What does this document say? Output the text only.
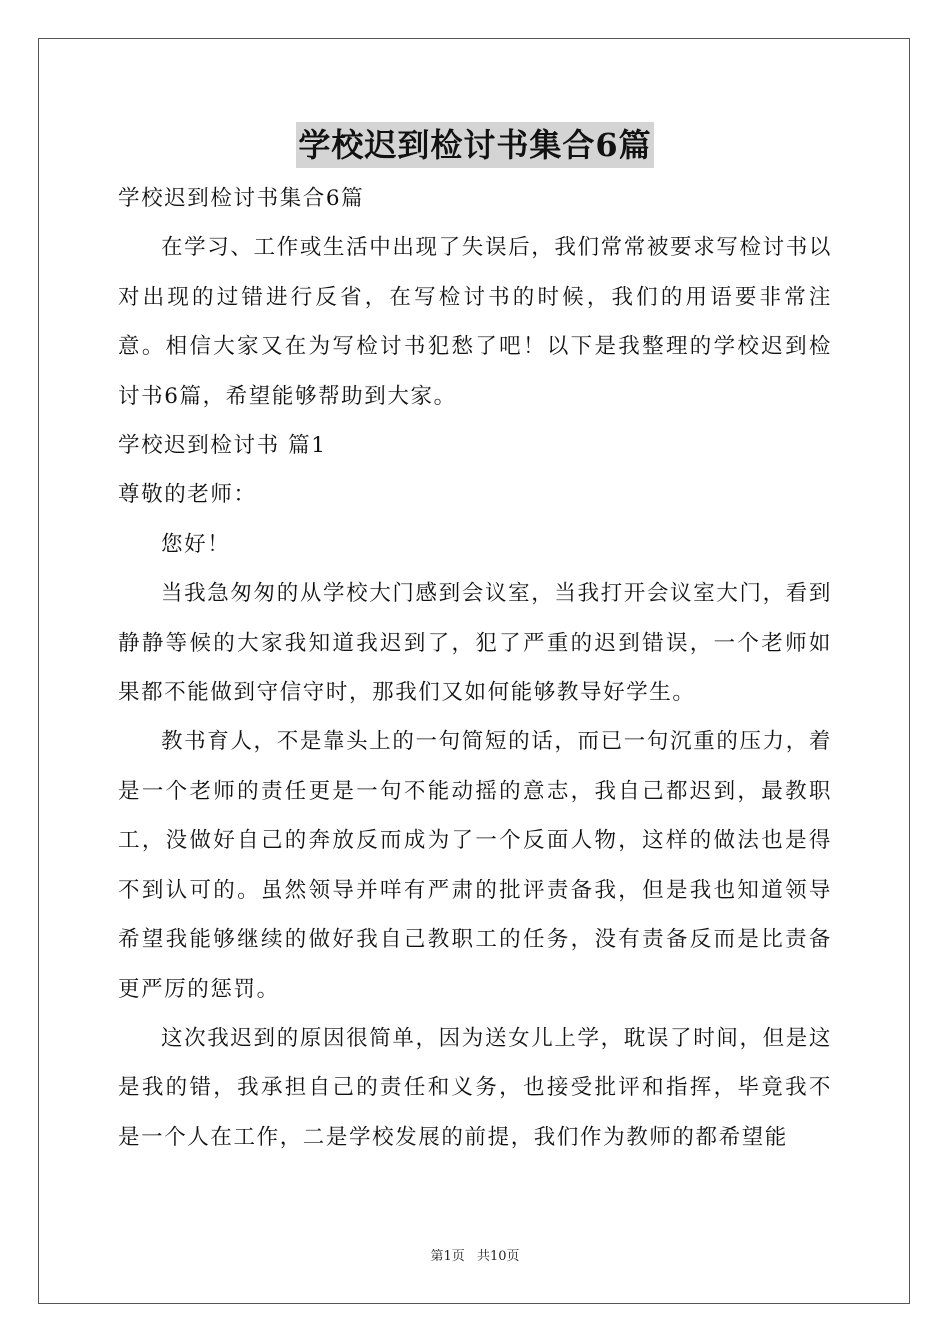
学校迟到检讨书集合6篇

学校迟到检讨书集合6篇

在学习、工作或生活中出现了失误后，我们常常被要求写检讨书以对出现的过错进行反省，在写检讨书的时候，我们的用语要非常注意。相信大家又在为写检讨书犯愁了吧！以下是我整理的学校迟到检讨书6篇，希望能够帮助到大家。

学校迟到检讨书 篇1

尊敬的老师：

您好！

当我急匆匆的从学校大门感到会议室，当我打开会议室大门，看到静静等候的大家我知道我迟到了，犯了严重的迟到错误，一个老师如果都不能做到守信守时，那我们又如何能够教导好学生。

教书育人，不是靠头上的一句简短的话，而已一句沉重的压力，着是一个老师的责任更是一句不能动摇的意志，我自己都迟到，最教职工，没做好自己的奔放反而成为了一个反面人物，这样的做法也是得不到认可的。虽然领导并咩有严肃的批评责备我，但是我也知道领导希望我能够继续的做好我自己教职工的任务，没有责备反而是比责备更严厉的惩罚。

这次我迟到的原因很简单，因为送女儿上学，耽误了时间，但是这是我的错，我承担自己的责任和义务，也接受批评和指挥，毕竟我不是一个人在工作，二是学校发展的前提，我们作为教师的都希望能

第1页 共10页
